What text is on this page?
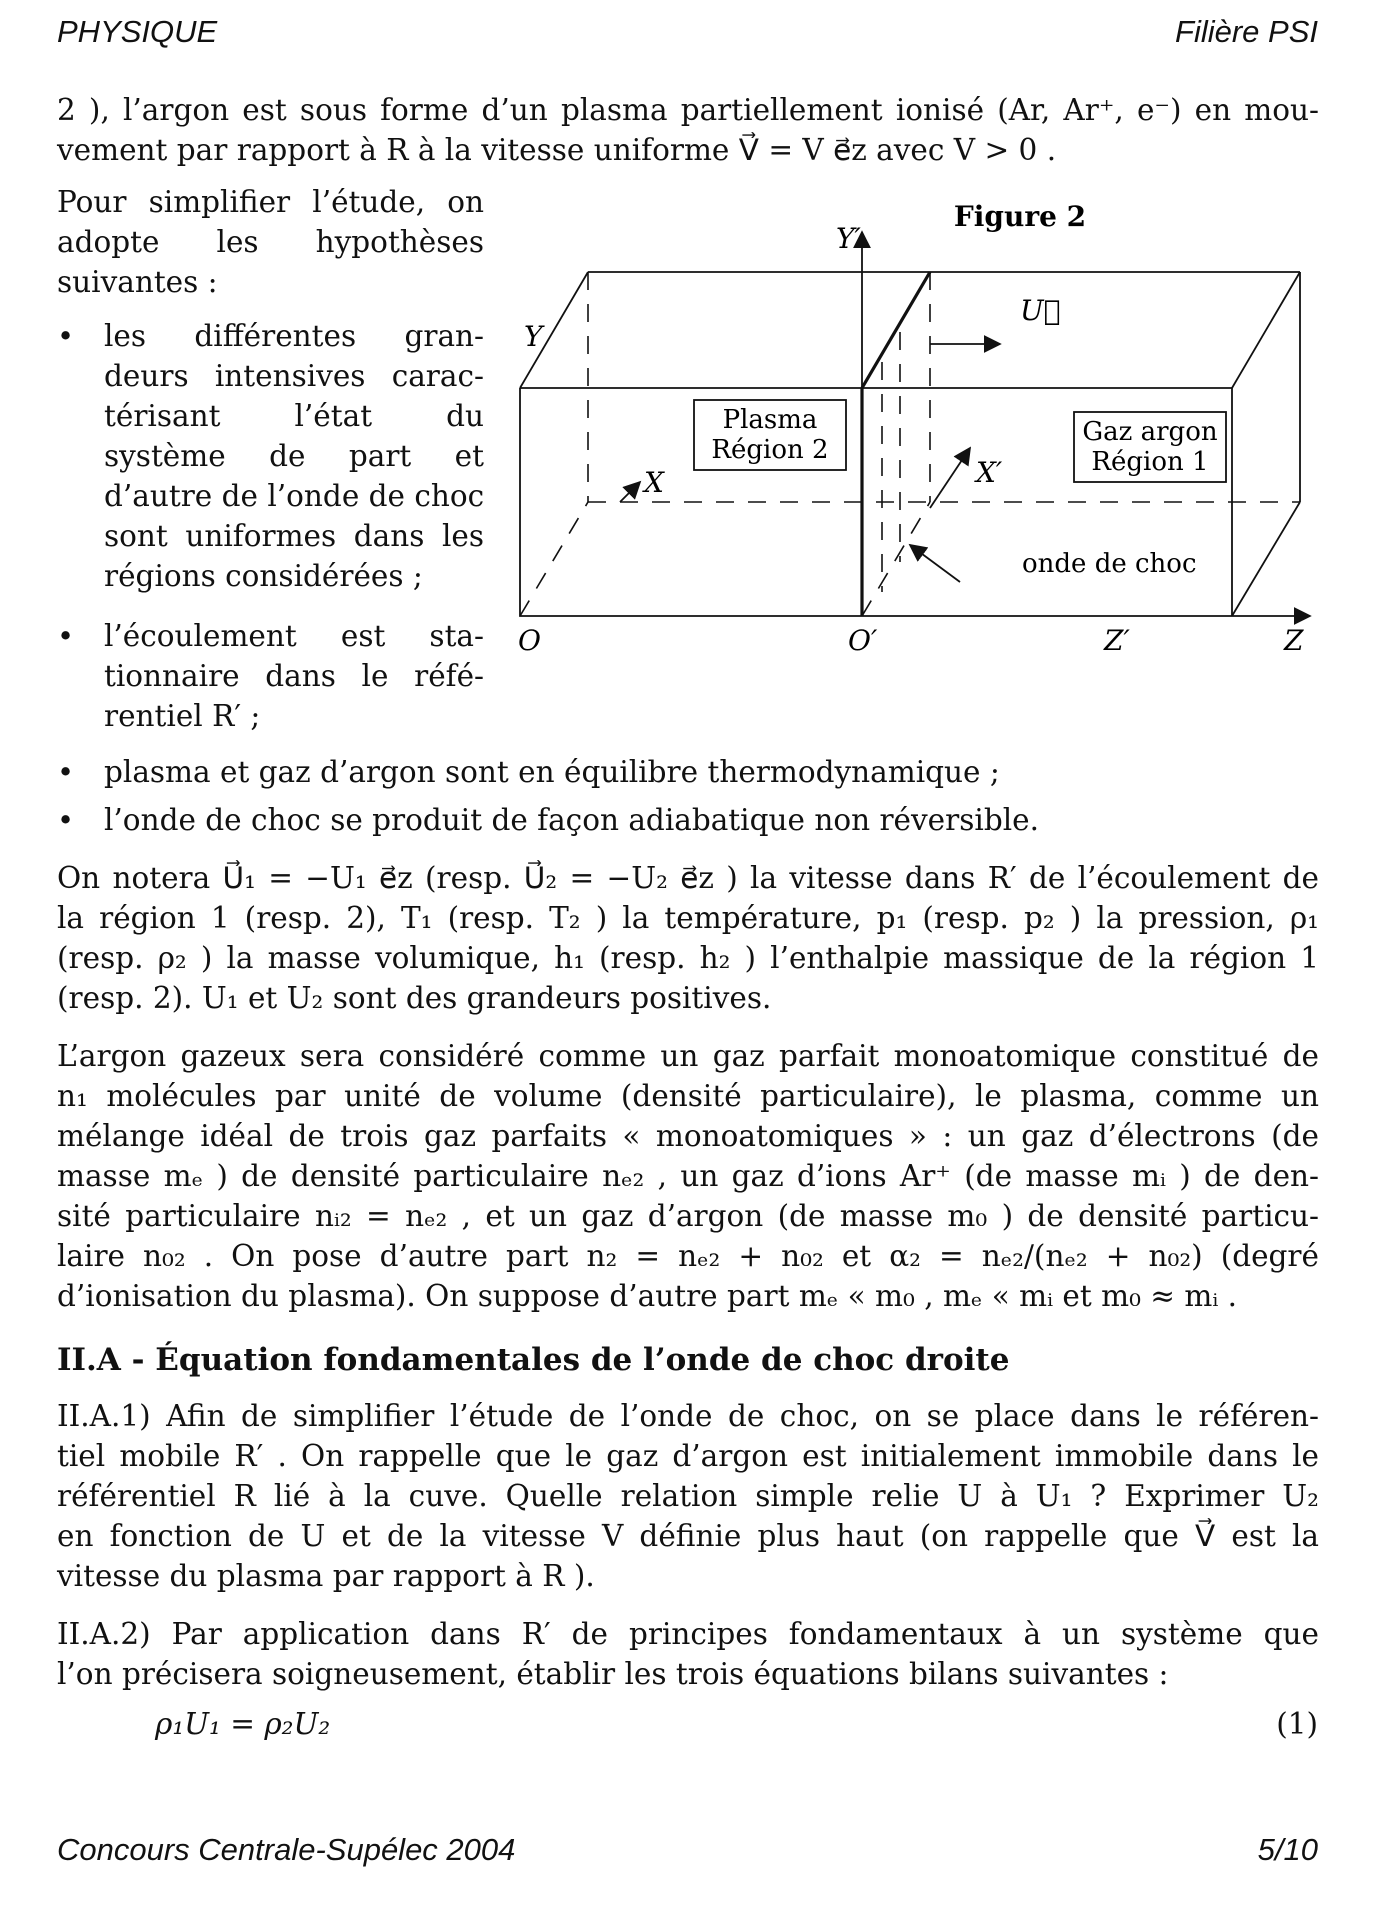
PHYSIQUE	Filière PSI
2 ), l’argon est sous forme d’un plasma partiellement ionisé (Ar, Ar⁺, e⁻) en mou-
vement par rapport à R à la vitesse uniforme V⃗ = V e⃗z avec V > 0 .
Pour simplifier l’étude, on
adopte les hypothèses
suivantes :
• les différentes gran-
deurs intensives carac-
térisant l’état du
système de part et
d’autre de l’onde de choc
sont uniformes dans les
régions considérées ;
• l’écoulement est sta-
tionnaire dans le réfé-
rentiel R′ ;
Plasma
Région 2
Gaz argon
Région 1
Figure 2
onde de choc
Y
Y′
X	X′
O	O′	Z′	Z
U⃗
• plasma et gaz d’argon sont en équilibre thermodynamique ;
• l’onde de choc se produit de façon adiabatique non réversible.
On notera U⃗₁ = −U₁ e⃗z (resp. U⃗₂ = −U₂ e⃗z ) la vitesse dans R′ de l’écoulement de
la région 1 (resp. 2), T₁ (resp. T₂ ) la température, p₁ (resp. p₂ ) la pression, ρ₁
(resp. ρ₂ ) la masse volumique, h₁ (resp. h₂ ) l’enthalpie massique de la région 1
(resp. 2). U₁ et U₂ sont des grandeurs positives.
L’argon gazeux sera considéré comme un gaz parfait monoatomique constitué de
n₁ molécules par unité de volume (densité particulaire), le plasma, comme un
mélange idéal de trois gaz parfaits « monoatomiques » : un gaz d’électrons (de
masse mₑ ) de densité particulaire nₑ₂ , un gaz d’ions Ar⁺ (de masse mᵢ ) de den-
sité particulaire nᵢ₂ = nₑ₂ , et un gaz d’argon (de masse m₀ ) de densité particu-
laire n₀₂ . On pose d’autre part n₂ = nₑ₂ + n₀₂ et α₂ = nₑ₂/(nₑ₂ + n₀₂) (degré
d’ionisation du plasma). On suppose d’autre part mₑ « m₀ , mₑ « mᵢ et m₀ ≈ mᵢ .
II.A - Équation fondamentales de l’onde de choc droite
II.A.1) Afin de simplifier l’étude de l’onde de choc, on se place dans le référen-
tiel mobile R′ . On rappelle que le gaz d’argon est initialement immobile dans le
référentiel R lié à la cuve. Quelle relation simple relie U à U₁ ? Exprimer U₂
en fonction de U et de la vitesse V définie plus haut (on rappelle que V⃗ est la
vitesse du plasma par rapport à R ).
II.A.2) Par application dans R′ de principes fondamentaux à un système que
l’on précisera soigneusement, établir les trois équations bilans suivantes :
ρ₁U₁ = ρ₂U₂	(1)
Concours Centrale-Supélec 2004	5/10
